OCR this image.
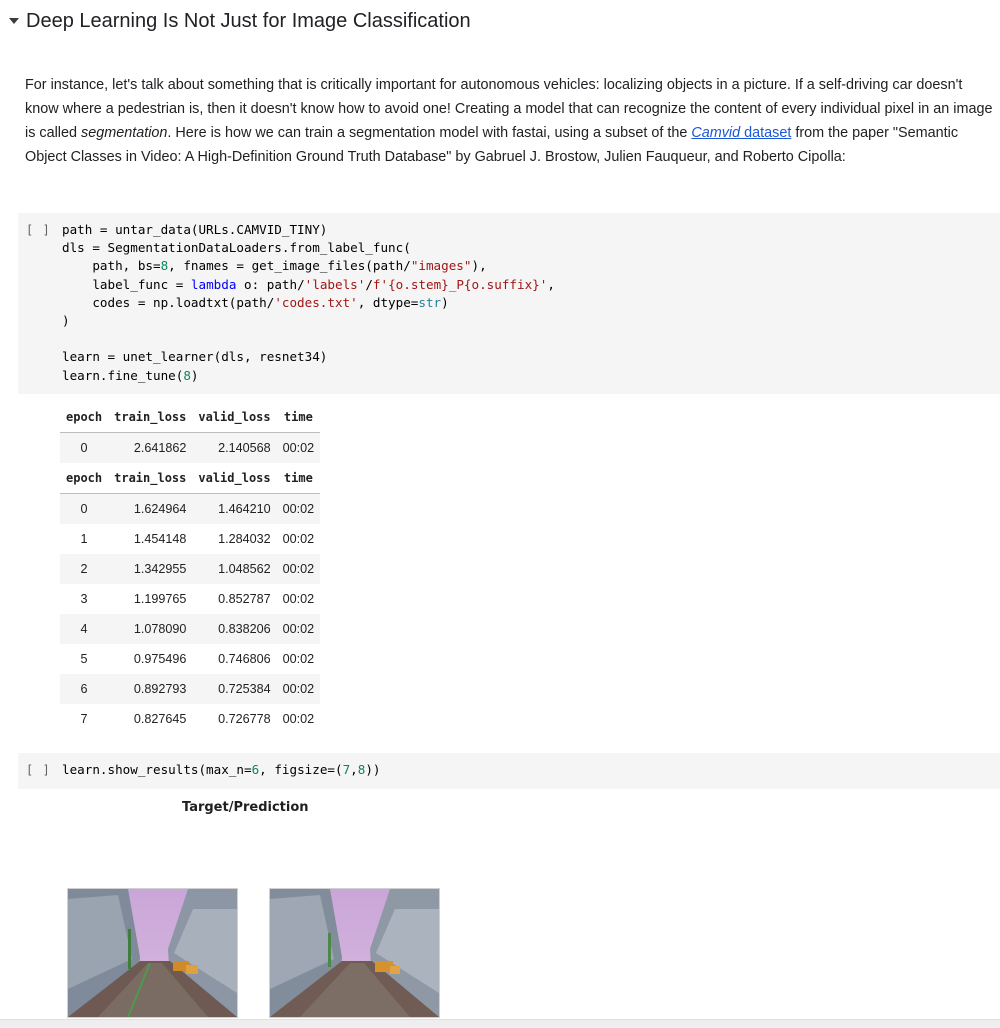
Deep Learning Is Not Just for Image Classification
For instance, let's talk about something that is critically important for autonomous vehicles: localizing objects in a picture. If a self-driving car doesn't know where a pedestrian is, then it doesn't know how to avoid one! Creating a model that can recognize the content of every individual pixel in an image is called segmentation. Here is how we can train a segmentation model with fastai, using a subset of the Camvid dataset from the paper "Semantic Object Classes in Video: A High-Definition Ground Truth Database" by Gabruel J. Brostow, Julien Fauqueur, and Roberto Cipolla:
[ ] path = untar_data(URLs.CAMVID_TINY)
dls = SegmentationDataLoaders.from_label_func(
path, bs=8, fnames = get_image_files(path/"images"),
label_func = lambda o: path/'labels'/f'{o.stem}_P{o.suffix}',
codes = np.loadtxt(path/'codes.txt', dtype=str)
)

learn = unet_learner(dls, resnet34)
learn.fine_tune(8)
epoch	train_loss	valid_loss	time
0	2.641862	2.140568	00:02
epoch	train_loss	valid_loss	time
0	1.624964	1.464210	00:02
1	1.454148	1.284032	00:02
2	1.342955	1.048562	00:02
3	1.199765	0.852787	00:02
4	1.078090	0.838206	00:02
5	0.975496	0.746806	00:02
6	0.892793	0.725384	00:02
7	0.827645	0.726778	00:02
[ ] learn.show_results(max_n=6, figsize=(7,8))
Target/Prediction
